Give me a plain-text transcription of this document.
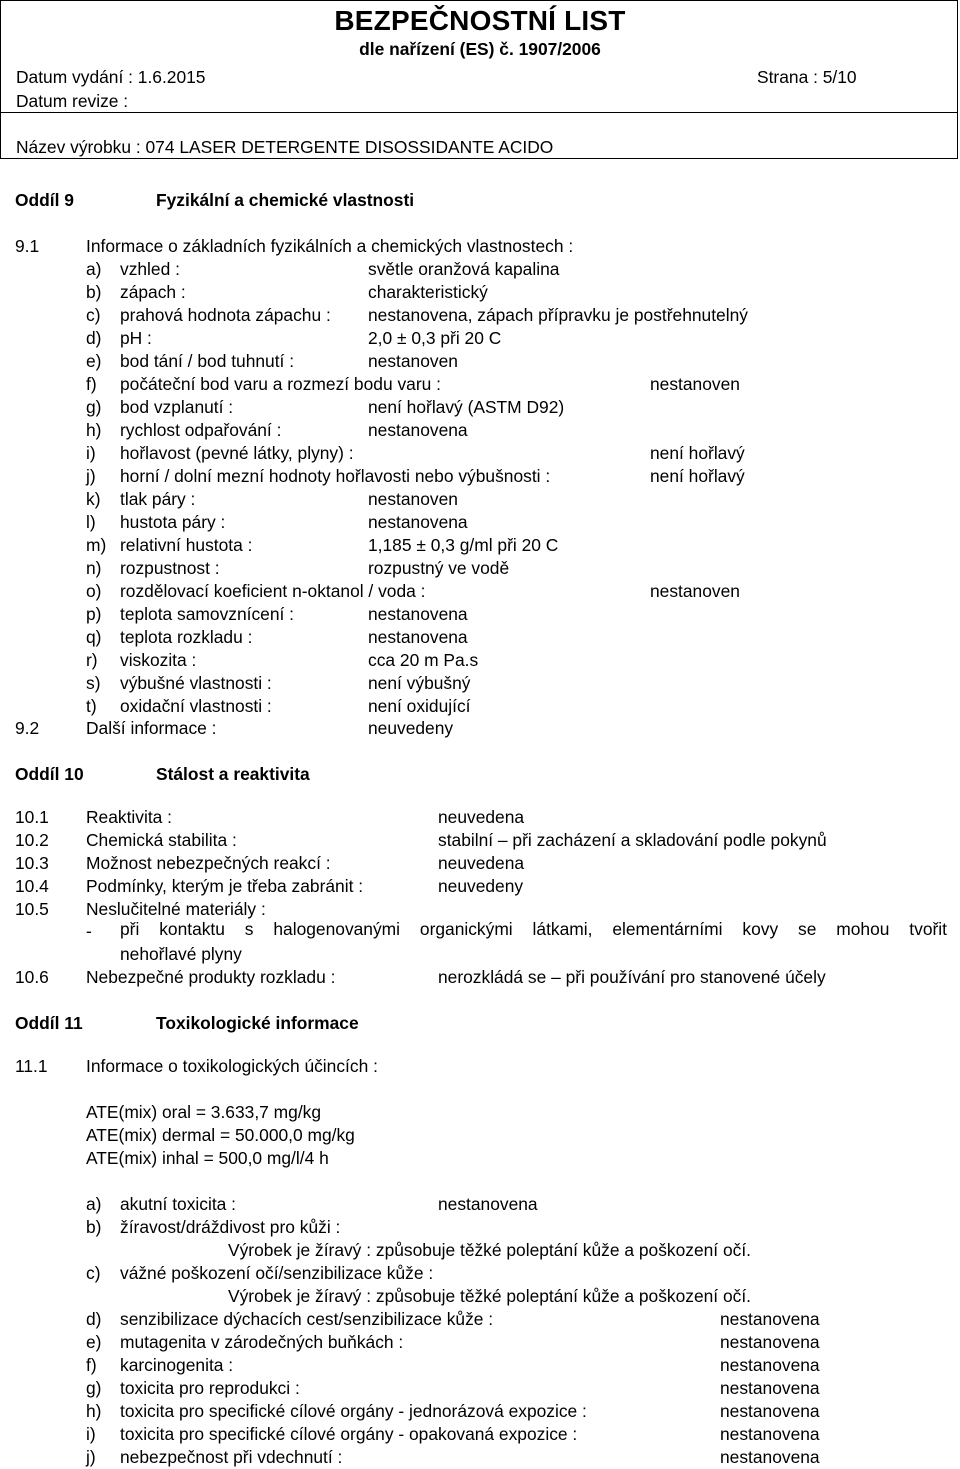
BEZPEČNOSTNÍ LIST
dle nařízení (ES) č. 1907/2006
Datum vydání : 1.6.2015	Strana : 5/10
Datum revize :
Název výrobku : 074 LASER DETERGENTE DISOSSIDANTE ACIDO
Oddíl 9	Fyzikální a chemické vlastnosti
9.1	Informace o základních fyzikálních a chemických vlastnostech :
a) vzhled :	světle oranžová kapalina
b) zápach :	charakteristický
c) prahová hodnota zápachu : nestanovena, zápach přípravku je postřehnutelný
d) pH :	2,0 ± 0,3 při 20 C
e) bod tání / bod tuhnutí :	nestanoven
f) počáteční bod varu a rozmezí bodu varu :	nestanoven
g) bod vzplanutí :	není hořlavý (ASTM D92)
h) rychlost odpařování :	nestanovena
i) hořlavost (pevné látky, plyny) :	není hořlavý
j) horní / dolní mezní hodnoty hořlavosti nebo výbušnosti :	není hořlavý
k) tlak páry :	nestanoven
l) hustota páry :	nestanovena
m) relativní hustota :	1,185 ± 0,3 g/ml při 20 C
n) rozpustnost :	rozpustný ve vodě
o) rozdělovací koeficient n-oktanol / voda :	nestanoven
p) teplota samovznícení :	nestanovena
q) teplota rozkladu :	nestanovena
r) viskozita :	cca 20 m Pa.s
s) výbušné vlastnosti :	není výbušný
t) oxidační vlastnosti :	není oxidující
9.2	Další informace :	neuvedeny
Oddíl 10	Stálost a reaktivita
10.1 Reaktivita :	neuvedena
10.2 Chemická stabilita :	stabilní – při zacházení a skladování podle pokynů
10.3 Možnost nebezpečných reakcí :	neuvedena
10.4 Podmínky, kterým je třeba zabránit :	neuvedeny
10.5 Neslučitelné materiály :
- při kontaktu s halogenovanými organickými látkami, elementárními kovy se mohou tvořit
nehořlavé plyny
10.6 Nebezpečné produkty rozkladu :	nerozkládá se – při používání pro stanovené účely
Oddíl 11	Toxikologické informace
11.1 Informace o toxikologických účincích :
ATE(mix) oral = 3.633,7 mg/kg
ATE(mix) dermal = 50.000,0 mg/kg
ATE(mix) inhal = 500,0 mg/l/4 h
a) akutní toxicita :	nestanovena
b) žíravost/dráždivost pro kůži :
Výrobek je žíravý : způsobuje těžké poleptání kůže a poškození očí.
c) vážné poškození očí/senzibilizace kůže :
Výrobek je žíravý : způsobuje těžké poleptání kůže a poškození očí.
d) senzibilizace dýchacích cest/senzibilizace kůže :	nestanovena
e) mutagenita v zárodečných buňkách :	nestanovena
f) karcinogenita :	nestanovena
g) toxicita pro reprodukci :	nestanovena
h) toxicita pro specifické cílové orgány - jednorázová expozice :	nestanovena
i) toxicita pro specifické cílové orgány - opakovaná expozice :	nestanovena
j) nebezpečnost při vdechnutí :	nestanovena
